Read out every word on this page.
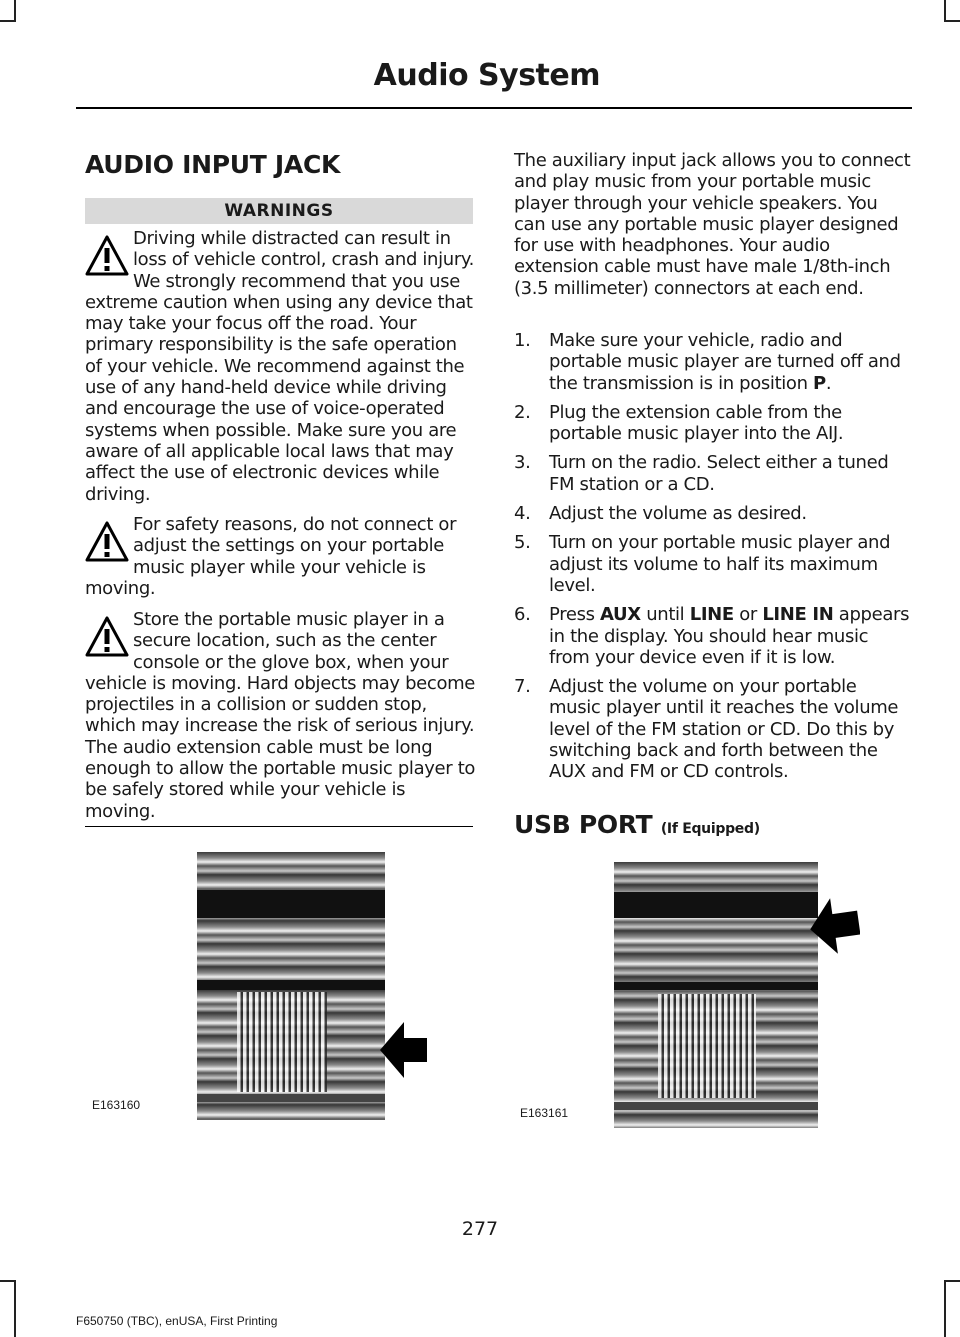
Audio System
AUDIO INPUT JACK
WARNINGS
Driving while distracted can result in loss of vehicle control, crash and injury. We strongly recommend that you use extreme caution when using any device that may take your focus off the road. Your primary responsibility is the safe operation of your vehicle. We recommend against the use of any hand-held device while driving and encourage the use of voice-operated systems when possible. Make sure you are aware of all applicable local laws that may affect the use of electronic devices while driving.
For safety reasons, do not connect or adjust the settings on your portable music player while your vehicle is moving.
Store the portable music player in a secure location, such as the center console or the glove box, when your vehicle is moving. Hard objects may become projectiles in a collision or sudden stop, which may increase the risk of serious injury. The audio extension cable must be long enough to allow the portable music player to be safely stored while your vehicle is moving.
E163160
The auxiliary input jack allows you to connect and play music from your portable music player through your vehicle speakers. You can use any portable music player designed for use with headphones. Your audio extension cable must have male 1/8th-inch (3.5 millimeter) connectors at each end.
1. Make sure your vehicle, radio and portable music player are turned off and the transmission is in position P.
2. Plug the extension cable from the portable music player into the AIJ.
3. Turn on the radio. Select either a tuned FM station or a CD.
4. Adjust the volume as desired.
5. Turn on your portable music player and adjust its volume to half its maximum level.
6. Press AUX until LINE or LINE IN appears in the display. You should hear music from your device even if it is low.
7. Adjust the volume on your portable music player until it reaches the volume level of the FM station or CD. Do this by switching back and forth between the AUX and FM or CD controls.
USB PORT (If Equipped)
E163161
277
F650750 (TBC), enUSA, First Printing
